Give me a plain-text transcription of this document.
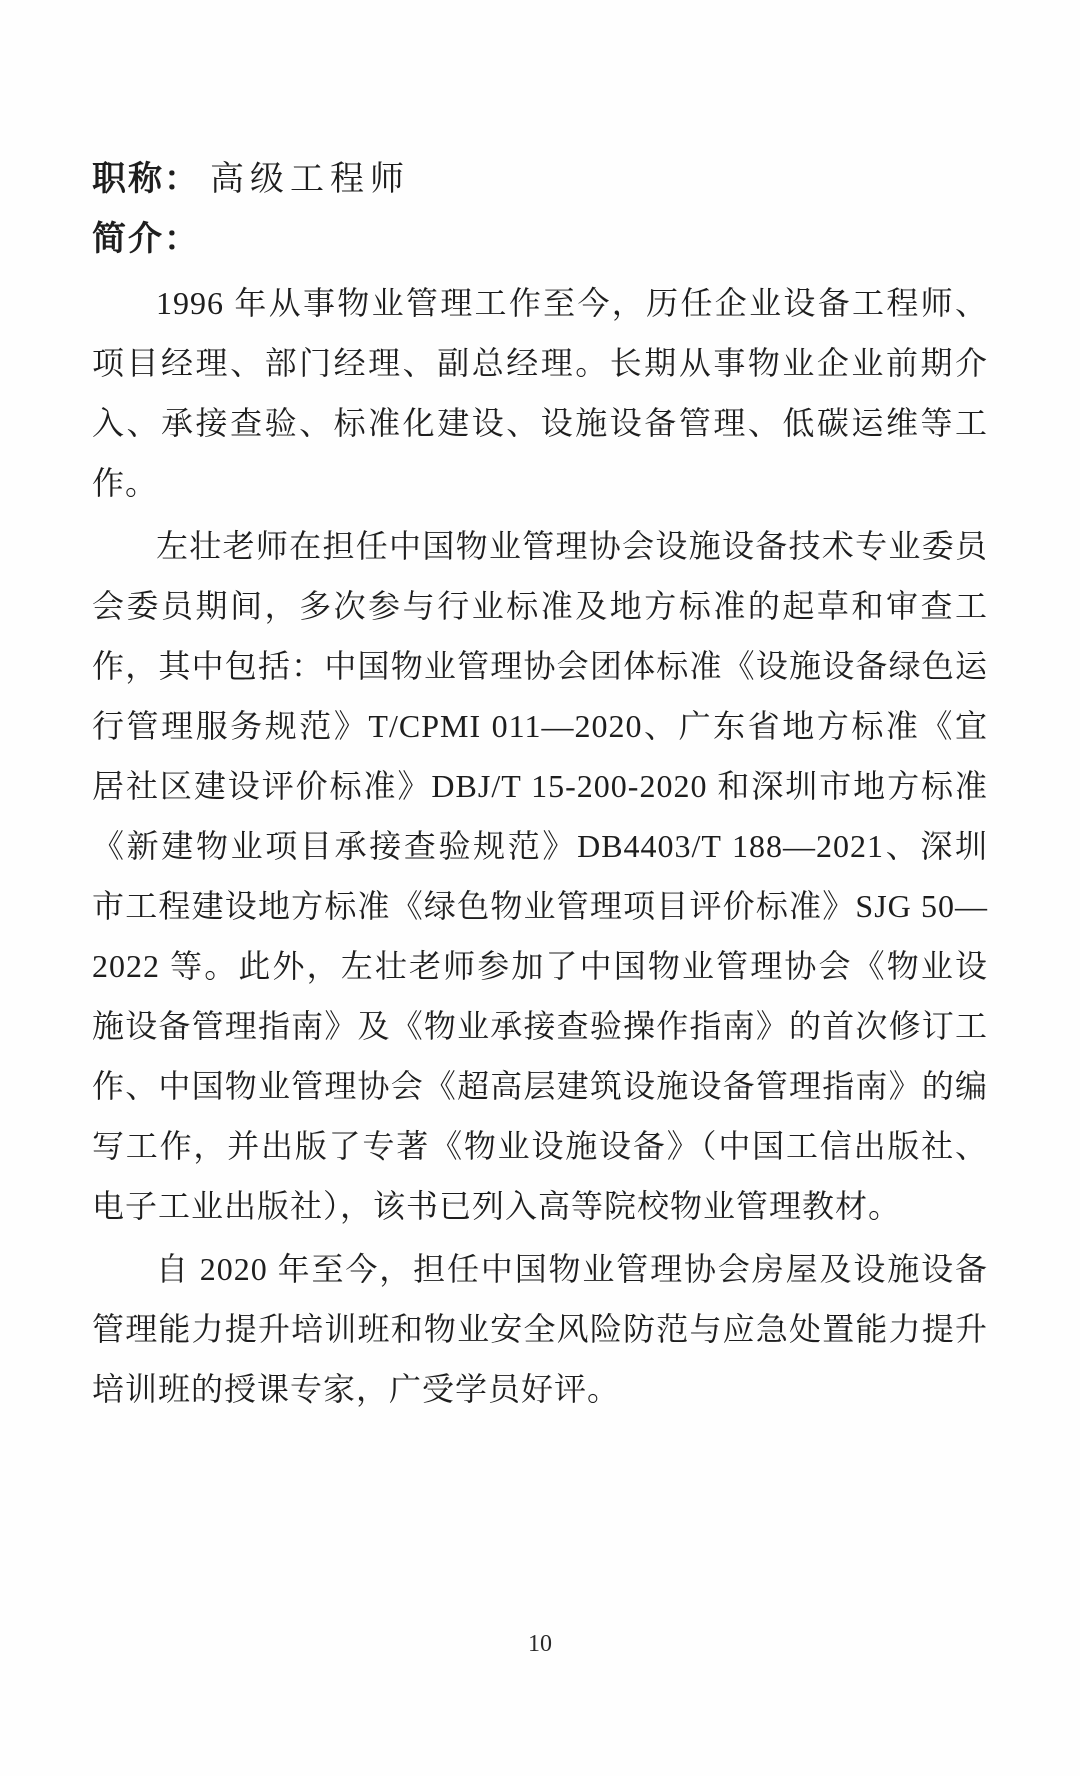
职称： 高级工程师

简介：

1996 年从事物业管理工作至今，历任企业设备工程师、项目经理、部门经理、副总经理。长期从事物业企业前期介入、承接查验、标准化建设、设施设备管理、低碳运维等工作。

左壮老师在担任中国物业管理协会设施设备技术专业委员会委员期间，多次参与行业标准及地方标准的起草和审查工作，其中包括：中国物业管理协会团体标准《设施设备绿色运行管理服务规范》T/CPMI 011—2020、广东省地方标准《宜居社区建设评价标准》DBJ/T 15-200-2020 和深圳市地方标准《新建物业项目承接查验规范》DB4403/T 188—2021、深圳市工程建设地方标准《绿色物业管理项目评价标准》SJG 50—2022 等。此外，左壮老师参加了中国物业管理协会《物业设施设备管理指南》及《物业承接查验操作指南》的首次修订工作、中国物业管理协会《超高层建筑设施设备管理指南》的编写工作，并出版了专著《物业设施设备》（中国工信出版社、电子工业出版社），该书已列入高等院校物业管理教材。

自 2020 年至今，担任中国物业管理协会房屋及设施设备管理能力提升培训班和物业安全风险防范与应急处置能力提升培训班的授课专家，广受学员好评。

10
